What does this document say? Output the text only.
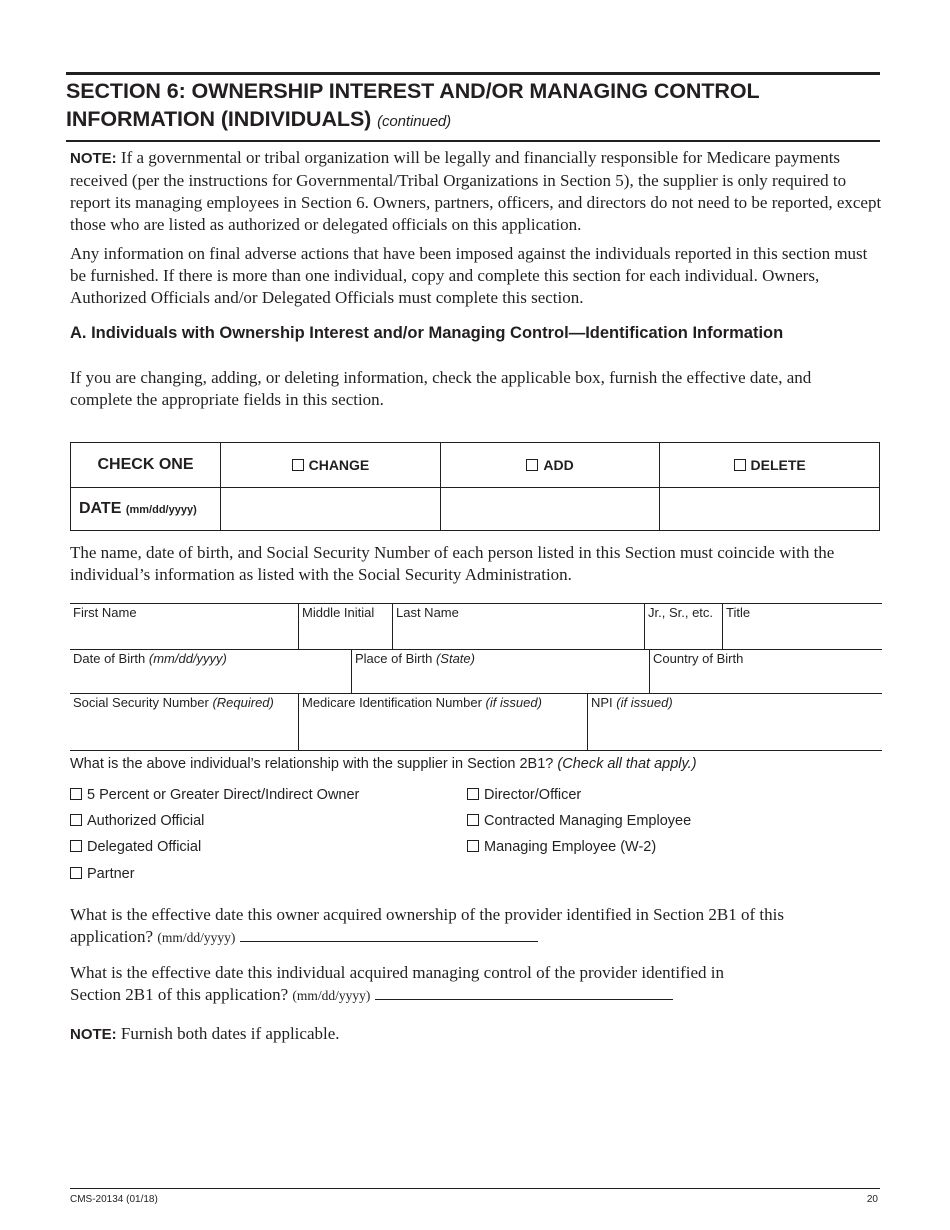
SECTION 6: OWNERSHIP INTEREST AND/OR MANAGING CONTROL
INFORMATION (INDIVIDUALS) (continued)
NOTE: If a governmental or tribal organization will be legally and financially responsible for Medicare payments received (per the instructions for Governmental/Tribal Organizations in Section 5), the supplier is only required to report its managing employees in Section 6. Owners, partners, officers, and directors do not need to be reported, except those who are listed as authorized or delegated officials on this application.
Any information on final adverse actions that have been imposed against the individuals reported in this section must be furnished. If there is more than one individual, copy and complete this section for each individual. Owners, Authorized Officials and/or Delegated Officials must complete this section.
A. Individuals with Ownership Interest and/or Managing Control—Identification Information
If you are changing, adding, or deleting information, check the applicable box, furnish the effective date, and complete the appropriate fields in this section.
CHECK ONE	CHANGE	ADD	DELETE
DATE (mm/dd/yyyy)			
The name, date of birth, and Social Security Number of each person listed in this Section must coincide with the individual’s information as listed with the Social Security Administration.
First Name	Middle Initial	Last Name	Jr., Sr., etc. Title
Date of Birth (mm/dd/yyyy)	Place of Birth (State)	Country of Birth
Social Security Number (Required)	Medicare Identification Number (if issued)	NPI (if issued)
What is the above individual’s relationship with the supplier in Section 2B1? (Check all that apply.)
5 Percent or Greater Direct/Indirect Owner
Authorized Official
Delegated Official
Partner
Director/Officer
Contracted Managing Employee
Managing Employee (W-2)
What is the effective date this owner acquired ownership of the provider identified in Section 2B1 of this
application? (mm/dd/yyyy)
What is the effective date this individual acquired managing control of the provider identified in
Section 2B1 of this application? (mm/dd/yyyy)
NOTE: Furnish both dates if applicable.
CMS-20134 (01/18)	20
